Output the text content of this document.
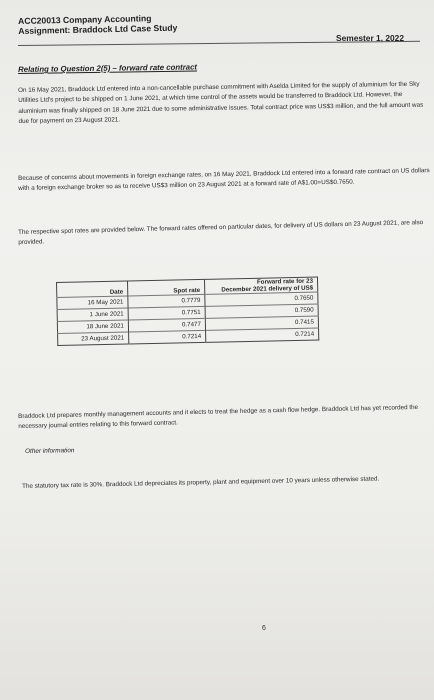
ACC20013 Company Accounting
Assignment: Braddock Ltd Case Study
Semester 1, 2022
Relating to Question 2(5) – forward rate contract

On 16 May 2021, Braddock Ltd entered into a non-cancellable purchase commitment with Aselda Limited for the supply of aluminium for the Sky Utilities Ltd's project to be shipped on 1 June 2021, at which time control of the assets would be transferred to Braddock Ltd. However, the aluminium was finally shipped on 18 June 2021 due to some administrative issues. Total contract price was US$3 million, and the full amount was due for payment on 23 August 2021.

Because of concerns about movements in foreign exchange rates, on 16 May 2021, Braddock Ltd entered into a forward rate contract on US dollars with a foreign exchange broker so as to receive US$3 million on 23 August 2021 at a forward rate of A$1.00=US$0.7650.

The respective spot rates are provided below. The forward rates offered on particular dates, for delivery of US dollars on 23 August 2021, are also provided.

Date	Spot rate	Forward rate for 23
December 2021 delivery of US$

16 May 2021	0.7779	0.7650
1 June 2021	0.7751	0.7590
18 June 2021	0.7477	0.7415
23 August 2021	0.7214	0.7214

Braddock Ltd prepares monthly management accounts and it elects to treat the hedge as a cash flow hedge. Braddock Ltd has yet recorded the necessary journal entries relating to this forward contract.

Other information

The statutory tax rate is 30%. Braddock Ltd depreciates its property, plant and equipment over 10 years unless otherwise stated.

6
